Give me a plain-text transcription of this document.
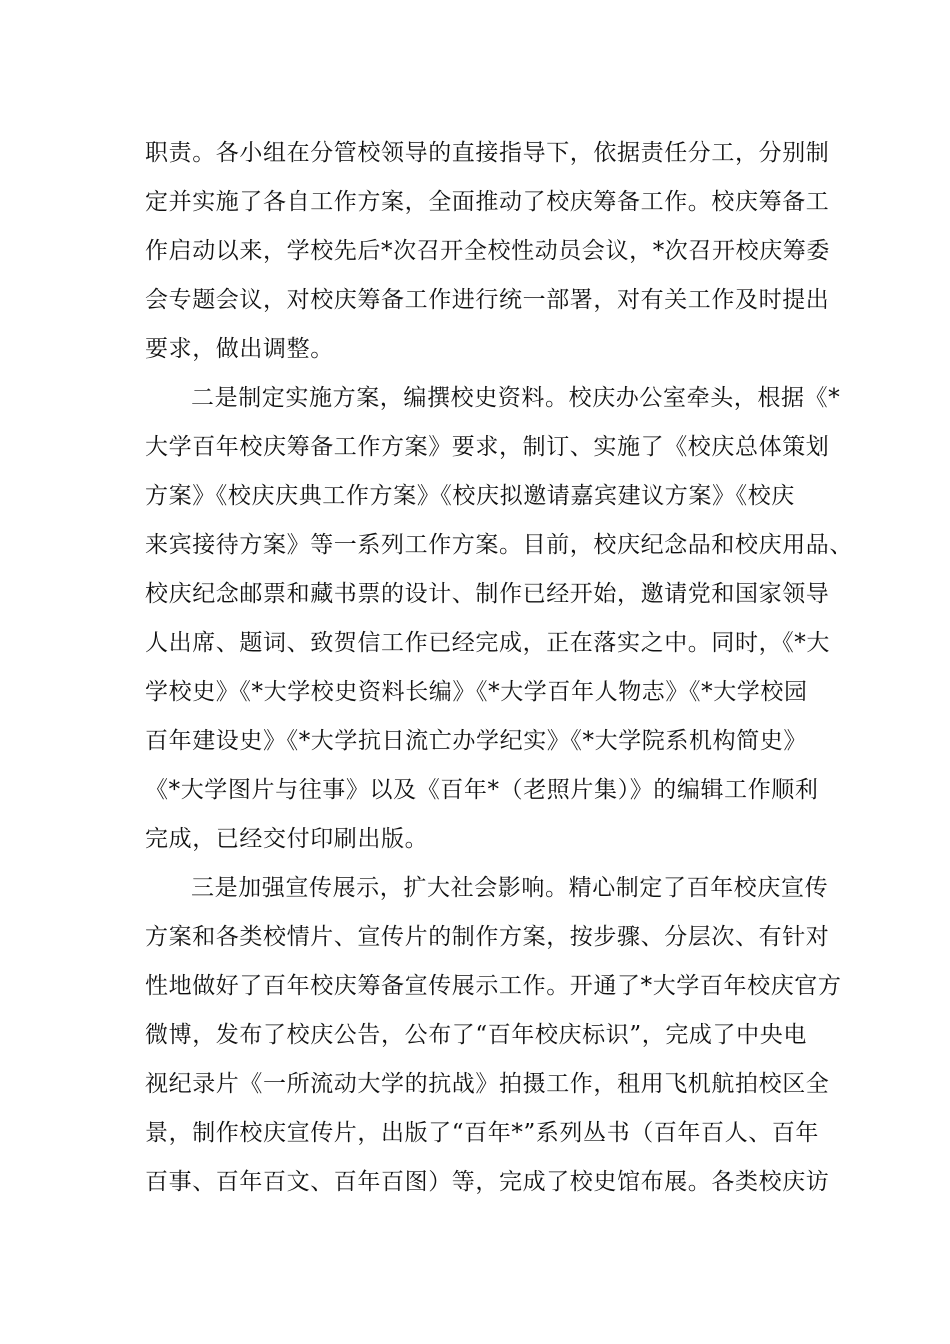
职责。各小组在分管校领导的直接指导下，依据责任分工，分别制
定并实施了各自工作方案，全面推动了校庆筹备工作。校庆筹备工
作启动以来，学校先后*次召开全校性动员会议，*次召开校庆筹委
会专题会议，对校庆筹备工作进行统一部署，对有关工作及时提出
要求，做出调整。
二是制定实施方案，编撰校史资料。校庆办公室牵头，根据《*
大学百年校庆筹备工作方案》要求，制订、实施了《校庆总体策划
方案》《校庆庆典工作方案》《校庆拟邀请嘉宾建议方案》《校庆
来宾接待方案》等一系列工作方案。目前，校庆纪念品和校庆用品、
校庆纪念邮票和藏书票的设计、制作已经开始，邀请党和国家领导
人出席、题词、致贺信工作已经完成，正在落实之中。同时，《*大
学校史》《*大学校史资料长编》《*大学百年人物志》《*大学校园
百年建设史》《*大学抗日流亡办学纪实》《*大学院系机构简史》
《*大学图片与往事》以及《百年*（老照片集）》的编辑工作顺利
完成，已经交付印刷出版。
三是加强宣传展示，扩大社会影响。精心制定了百年校庆宣传
方案和各类校情片、宣传片的制作方案，按步骤、分层次、有针对
性地做好了百年校庆筹备宣传展示工作。开通了*大学百年校庆官方
微博，发布了校庆公告，公布了“百年校庆标识”，完成了中央电
视纪录片《一所流动大学的抗战》拍摄工作，租用飞机航拍校区全
景，制作校庆宣传片，出版了“百年*”系列丛书（百年百人、百年
百事、百年百文、百年百图）等，完成了校史馆布展。各类校庆访
